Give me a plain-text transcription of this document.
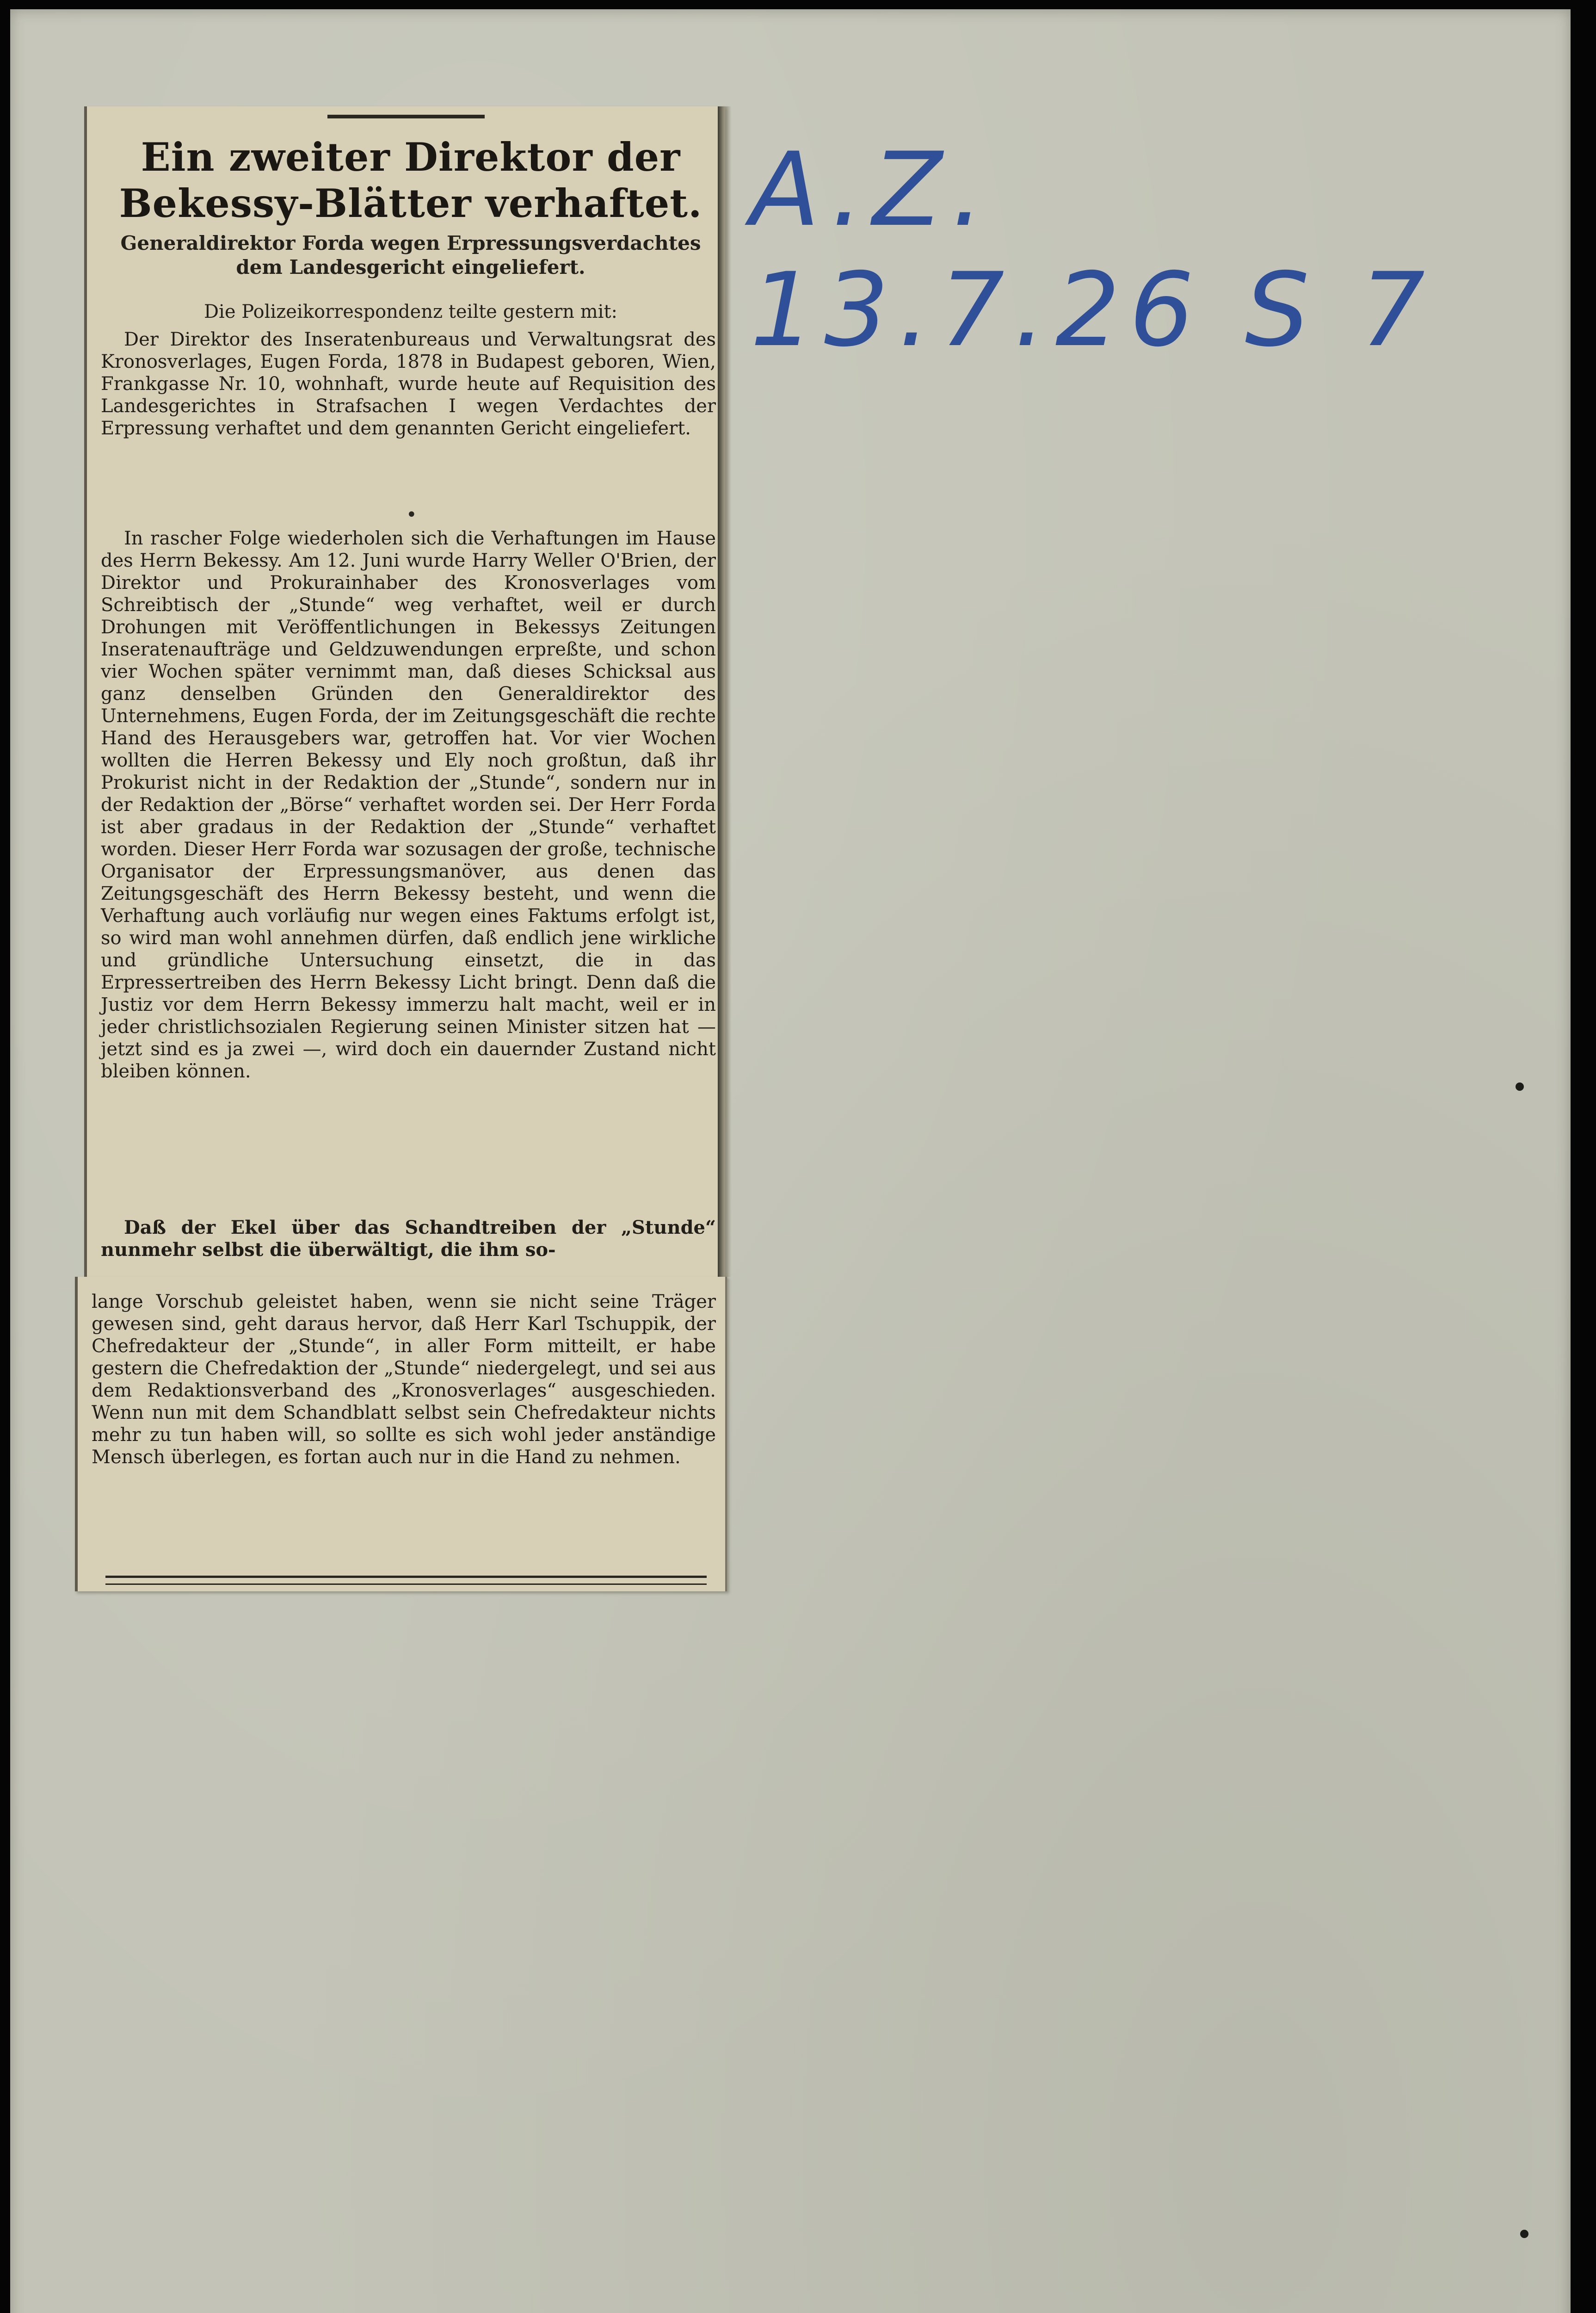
Ein zweiter Direktor der Bekessy-Blätter verhaftet.
Generaldirektor Forda wegen Erpressungsverdachtes dem Landesgericht eingeliefert.
Die Polizeikorrespondenz teilte gestern mit:

Der Direktor des Inseratenbureaus und Verwaltungsrat des Kronosverlages, Eugen Forda, 1878 in Budapest geboren, Wien, Frankgasse Nr. 10, wohnhaft, wurde heute auf Requisition des Landesgerichtes in Strafsachen I wegen Verdachtes der Erpressung verhaftet und dem genannten Gericht eingeliefert.

•

In rascher Folge wiederholen sich die Verhaftungen im Hause des Herrn Bekessy. Am 12. Juni wurde Harry Weller O'Brien, der Direktor und Prokurainhaber des Kronosverlages vom Schreibtisch der „Stunde“ weg verhaftet, weil er durch Drohungen mit Veröffentlichungen in Bekessys Zeitungen Inseratenaufträge und Geldzuwendungen erpreßte, und schon vier Wochen später vernimmt man, daß dieses Schicksal aus ganz denselben Gründen den Generaldirektor des Unternehmens, Eugen Forda, der im Zeitungsgeschäft die rechte Hand des Herausgebers war, getroffen hat. Vor vier Wochen wollten die Herren Bekessy und Ely noch großtun, daß ihr Prokurist nicht in der Redaktion der „Stunde“, sondern nur in der Redaktion der „Börse“ verhaftet worden sei. Der Herr Forda ist aber gradaus in der Redaktion der „Stunde“ verhaftet worden. Dieser Herr Forda war sozusagen der große, technische Organisator der Erpressungsmanöver, aus denen das Zeitungsgeschäft des Herrn Bekessy besteht, und wenn die Verhaftung auch vorläufig nur wegen eines Faktums erfolgt ist, so wird man wohl annehmen dürfen, daß endlich jene wirkliche und gründliche Untersuchung einsetzt, die in das Erpressertreiben des Herrn Bekessy Licht bringt. Denn daß die Justiz vor dem Herrn Bekessy immerzu halt macht, weil er in jeder christlichsozialen Regierung seinen Minister sitzen hat — jetzt sind es ja zwei —, wird doch ein dauernder Zustand nicht bleiben können.

Daß der Ekel über das Schandtreiben der „Stunde“ nunmehr selbst die überwältigt, die ihm so-

lange Vorschub geleistet haben, wenn sie nicht seine Träger gewesen sind, geht daraus hervor, daß Herr Karl Tschuppik, der Chefredakteur der „Stunde“, in aller Form mitteilt, er habe gestern die Chefredaktion der „Stunde“ niedergelegt, und sei aus dem Redaktionsverband des „Kronosverlages“ ausgeschieden. Wenn nun mit dem Schandblatt selbst sein Chefredakteur nichts mehr zu tun haben will, so sollte es sich wohl jeder anständige Mensch überlegen, es fortan auch nur in die Hand zu nehmen.

A.Z. 13.7.26 S 7
